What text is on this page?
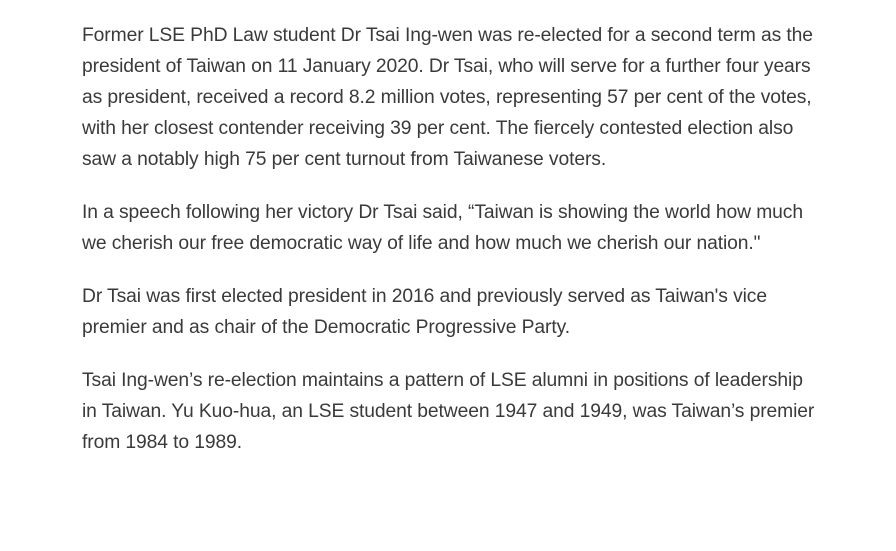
Former LSE PhD Law student Dr Tsai Ing-wen was re-elected for a second term as the president of Taiwan on 11 January 2020. Dr Tsai, who will serve for a further four years as president, received a record 8.2 million votes, representing 57 per cent of the votes, with her closest contender receiving 39 per cent. The fiercely contested election also saw a notably high 75 per cent turnout from Taiwanese voters.

In a speech following her victory Dr Tsai said, “Taiwan is showing the world how much we cherish our free democratic way of life and how much we cherish our nation."

Dr Tsai was first elected president in 2016 and previously served as Taiwan's vice premier and as chair of the Democratic Progressive Party.

Tsai Ing-wen’s re-election maintains a pattern of LSE alumni in positions of leadership in Taiwan. Yu Kuo-hua, an LSE student between 1947 and 1949, was Taiwan’s premier from 1984 to 1989.
